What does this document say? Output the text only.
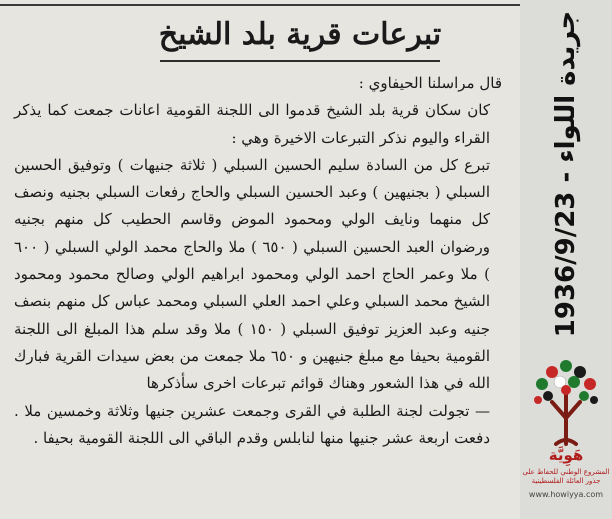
تبرعات قرية بلد الشيخ

قال مراسلنا الحيفاوي :

كان سكان قرية بلد الشيخ قدموا الى اللجنة القومية اعانات جمعت كما يذكر القراء واليوم نذكر التبرعات الاخيرة وهي :

تبرع كل من السادة سليم الحسين السبلي ( ثلاثة جنيهات ) وتوفيق الحسين السبلي ( بجنيهين ) وعبد الحسين السبلي والحاج رفعات السبلي بجنيه ونصف كل منهما ونايف الولي ومحمود الموض وقاسم الحطيب كل منهم بجنيه ورضوان العبد الحسين السبلي ( ٦٥٠ ) ملا والحاج محمد الولي السبلي ( ٦٠٠ ) ملا وعمر الحاج احمد الولي ومحمود ابراهيم الولي وصالح محمود ومحمود الشيخ محمد السبلي وعلي احمد العلي السبلي ومحمد عباس كل منهم بنصف جنيه وعبد العزيز توفيق السبلي ( ١٥٠ ) ملا وقد سلم هذا المبلغ الى اللجنة القومية بحيفا مع مبلغ جنيهين و ٦٥٠ ملا جمعت من بعض سيدات القرية فبارك الله في هذا الشعور وهناك قوائم تبرعات اخرى سأذكرها

— تجولت لجنة الطلبة في القرى وجمعت عشرين جنيها وثلاثة وخمسين ملا . دفعت اربعة عشر جنيها منها لنابلس وقدم الباقي الى اللجنة القومية بحيفا .

1936/9/23 - جريدة اللواء
هَوِيَّة
المشروع الوطني للحفاظ على جذور العائلة الفلسطينية
www.howiyya.com
